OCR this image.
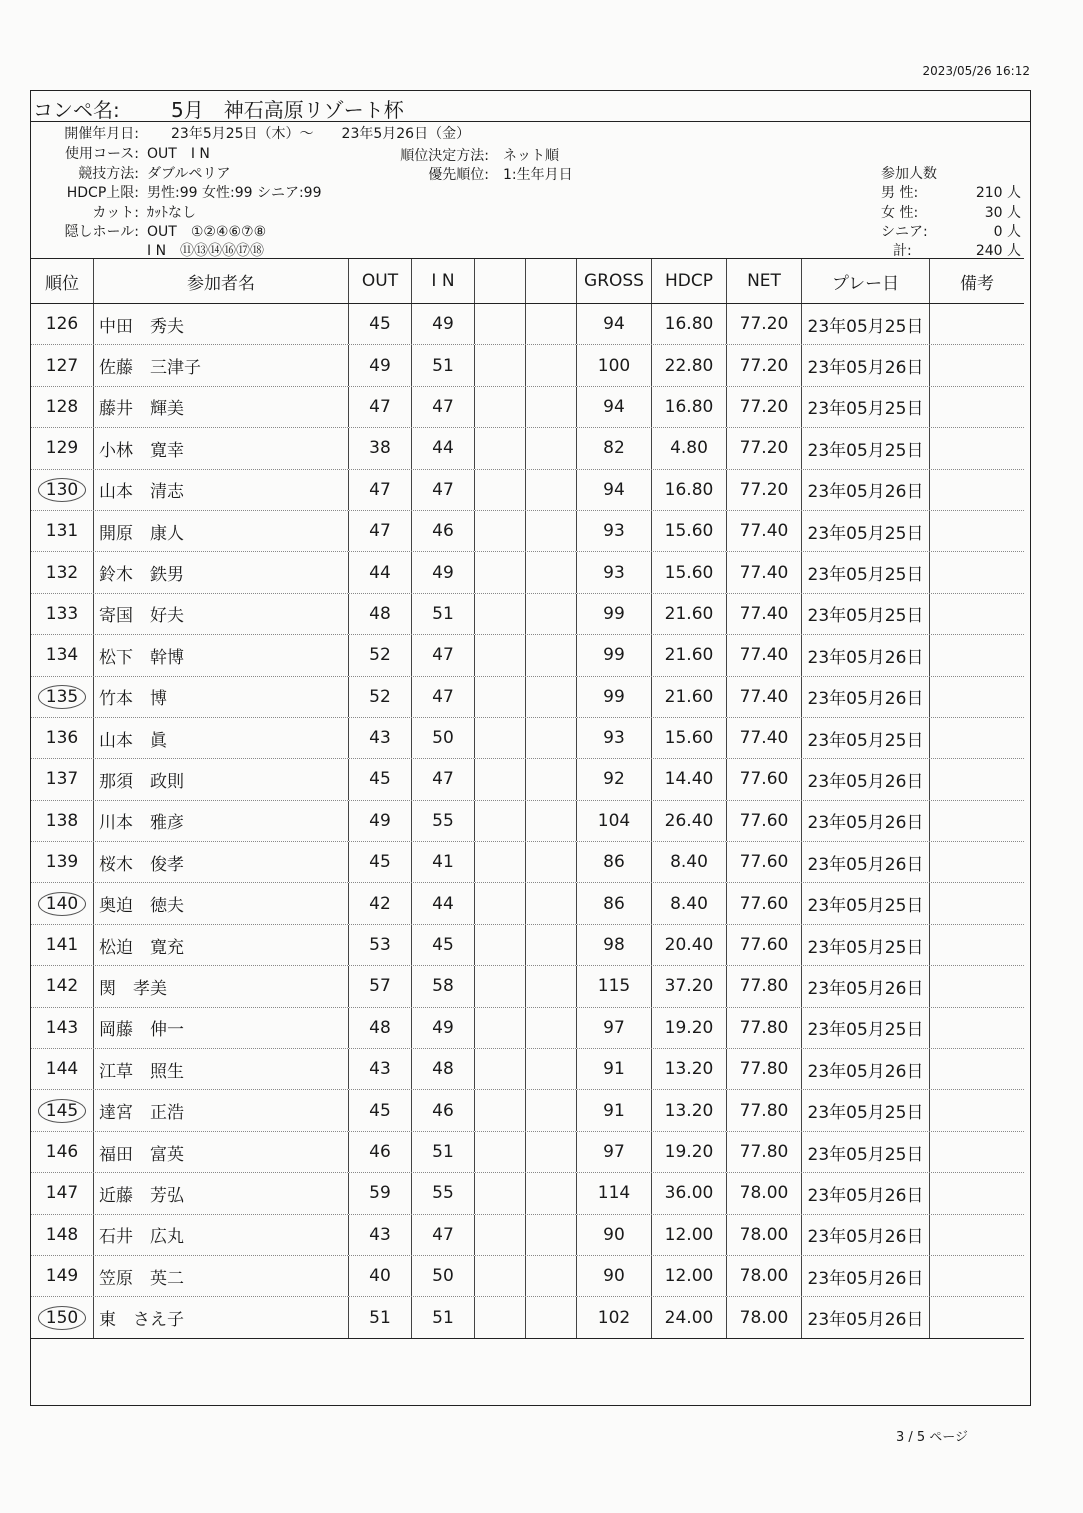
2023/05/26 16:12
コンペ名:	5月　神石高原リゾート杯
開催年月日: 23年5月25日（木）～　　23年5月26日（金）
使用コース: OUT　I N
競技方法: ダブルペリア
HDCP上限: 男性:99 女性:99 シニア:99
カット: ｶｯﾄなし
隠しホール: OUT　①②④⑥⑦⑧
I N　⑪⑬⑭⑯⑰⑱
順位決定方法: ネット順
優先順位: 1:生年月日	参加人数
男 性:	210 人
女 性:	30 人
シニア:	0 人
計:	240 人
順位	参加者名	OUT	I N	GROSS	HDCP	NET	プレー日	備考
126	中田　秀夫	45	49	94	16.80	77.20	23年05月25日
127	佐藤　三津子	49	51	100	22.80	77.20	23年05月26日
128	藤井　輝美	47	47	94	16.80	77.20	23年05月25日
129	小林　寛幸	38	44	82	4.80	77.20	23年05月25日
130	山本　清志	47	47	94	16.80	77.20	23年05月26日
131	開原　康人	47	46	93	15.60	77.40	23年05月25日
132	鈴木　鉄男	44	49	93	15.60	77.40	23年05月25日
133	寄国　好夫	48	51	99	21.60	77.40	23年05月25日
134	松下　幹博	52	47	99	21.60	77.40	23年05月26日
135	竹本　博	52	47	99	21.60	77.40	23年05月26日
136	山本　眞	43	50	93	15.60	77.40	23年05月25日
137	那須　政則	45	47	92	14.40	77.60	23年05月26日
138	川本　雅彦	49	55	104	26.40	77.60	23年05月26日
139	桜木　俊孝	45	41	86	8.40	77.60	23年05月26日
140	奥迫　徳夫	42	44	86	8.40	77.60	23年05月25日
141	松迫　寛充	53	45	98	20.40	77.60	23年05月25日
142	関　孝美	57	58	115	37.20	77.80	23年05月26日
143	岡藤　伸一	48	49	97	19.20	77.80	23年05月25日
144	江草　照生	43	48	91	13.20	77.80	23年05月26日
145	達宮　正浩	45	46	91	13.20	77.80	23年05月25日
146	福田　富英	46	51	97	19.20	77.80	23年05月25日
147	近藤　芳弘	59	55	114	36.00	78.00	23年05月26日
148	石井　広丸	43	47	90	12.00	78.00	23年05月26日
149	笠原　英二	40	50	90	12.00	78.00	23年05月26日
150	東　さえ子	51	51	102	24.00	78.00	23年05月26日
3 / 5 ページ
